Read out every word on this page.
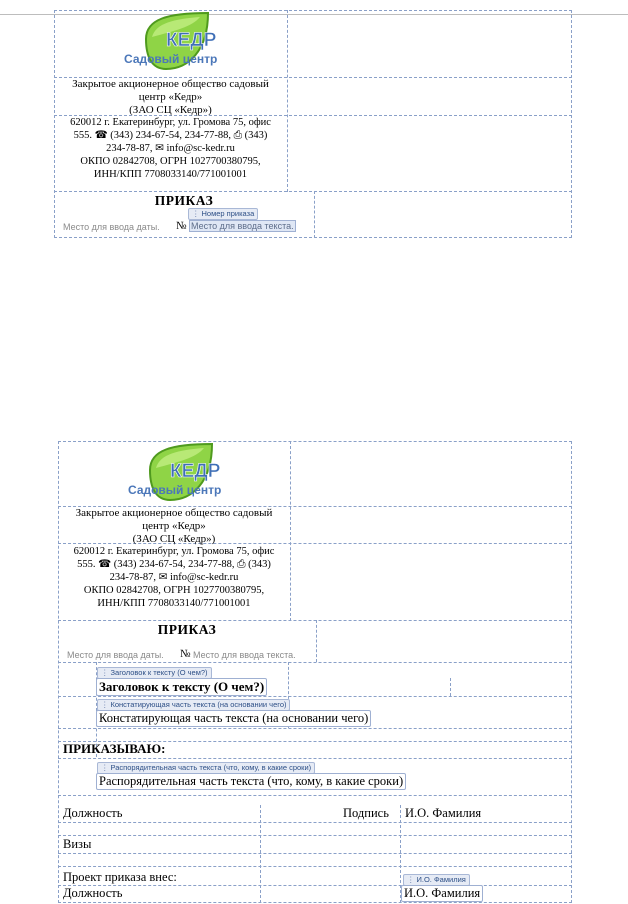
КЕДР
Садовый центр
Закрытое акционерное общество садовый
центр «Кедр»
(ЗАО СЦ «Кедр»)
620012 г. Екатеринбург, ул. Громова 75, офис
555. ☎ (343) 234-67-54, 234-77-88, ⎙ (343)
234-78-87, ✉ info@sc-kedr.ru
ОКПО 02842708, ОГРН 1027700380795,
ИНН/КПП 7708033140/771001001
ПРИКАЗ
Место для ввода даты. №
⋮ Номер приказа
Место для ввода текста.
КЕДР
Садовый центр
Закрытое акционерное общество садовый
центр «Кедр»
(ЗАО СЦ «Кедр»)
620012 г. Екатеринбург, ул. Громова 75, офис
555. ☎ (343) 234-67-54, 234-77-88, ⎙ (343)
234-78-87, ✉ info@sc-kedr.ru
ОКПО 02842708, ОГРН 1027700380795,
ИНН/КПП 7708033140/771001001
ПРИКАЗ
Место для ввода даты. № Место для ввода текста.
⋮ Заголовок к тексту (О чем?)
Заголовок к тексту (О чем?)
⋮ Констатирующая часть текста (на основании чего)
Констатирующая часть текста (на основании чего)
ПРИКАЗЫВАЮ:
⋮ Распорядительная часть текста (что, кому, в какие сроки)
Распорядительная часть текста (что, кому, в какие сроки)
Должность	Подпись И.О. Фамилия
Визы
Проект приказа внес:
Должность
⋮ И.О. Фамилия
И.О. Фамилия
